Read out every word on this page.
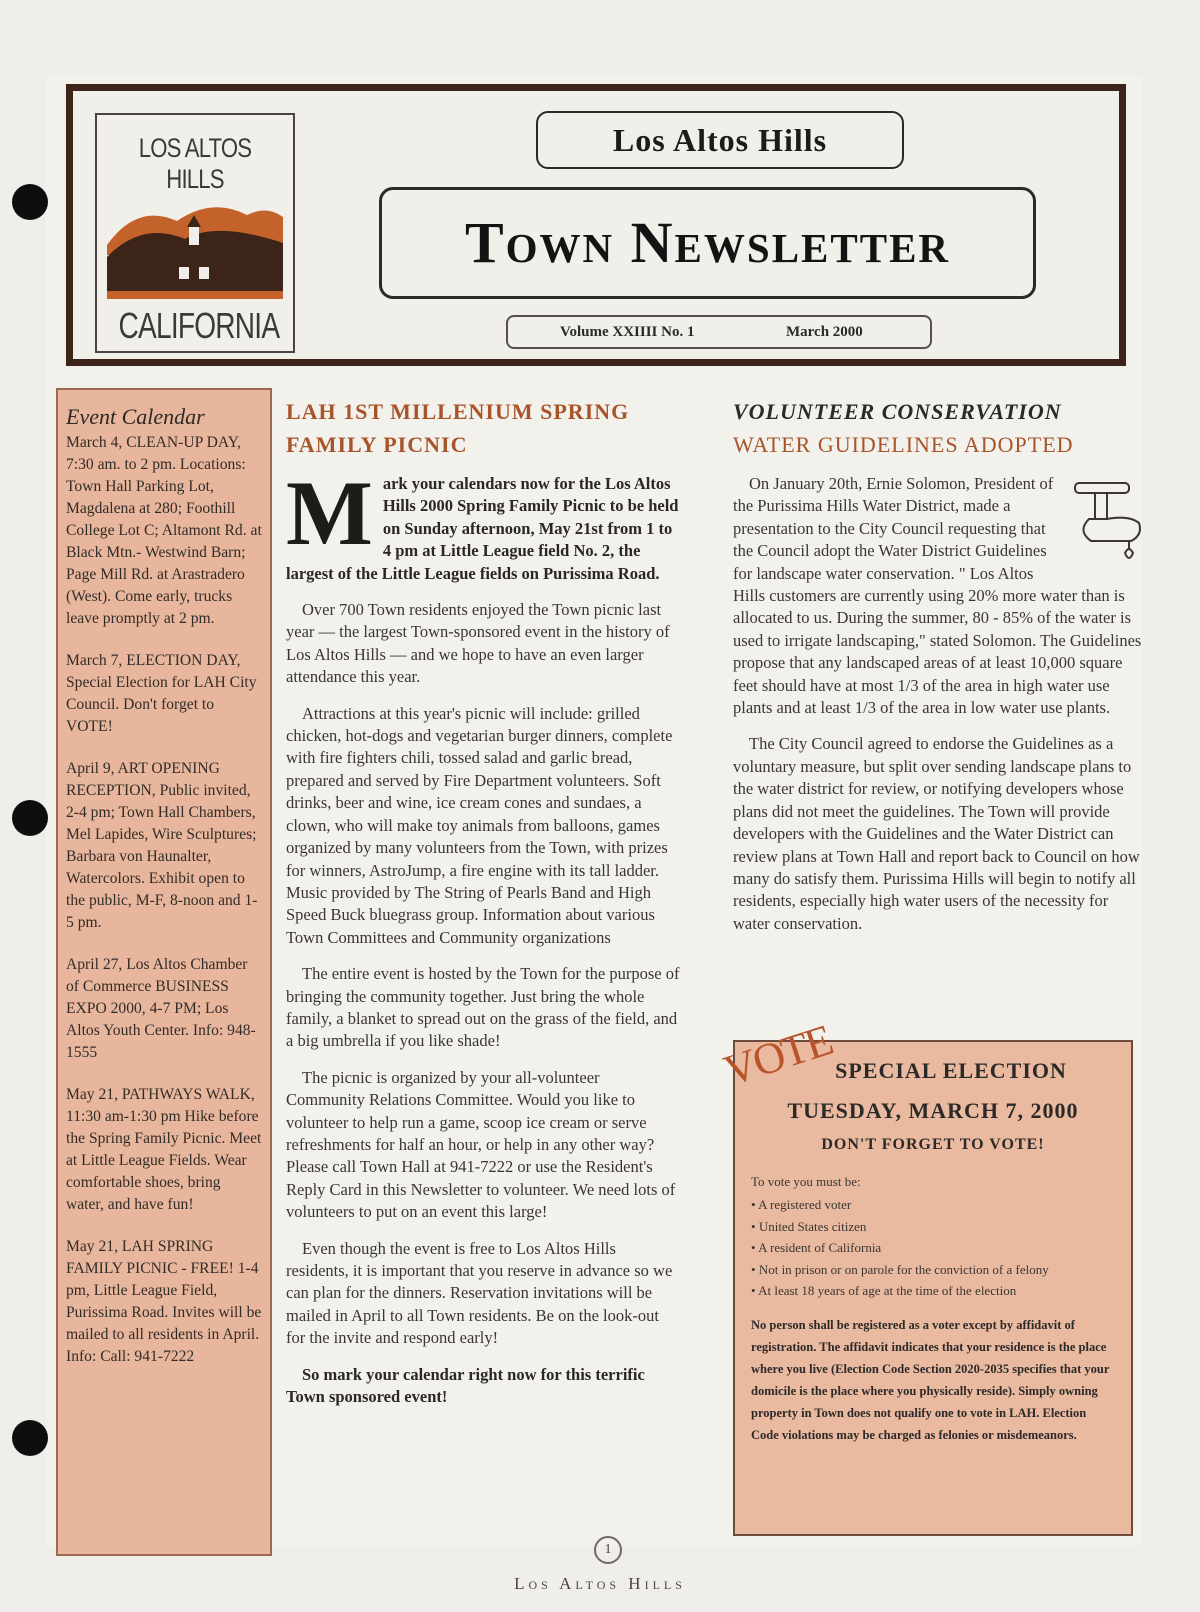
LOS ALTOS HILLS
CALIFORNIA
Los Altos Hills
Town Newsletter
Volume XXIIII No. 1	March 2000
Event Calendar
March 4, CLEAN-UP DAY, 7:30 am. to 2 pm. Locations: Town Hall Parking Lot, Magdalena at 280; Foothill College Lot C; Altamont Rd. at Black Mtn.- Westwind Barn; Page Mill Rd. at Arastradero (West). Come early, trucks leave promptly at 2 pm.
March 7, ELECTION DAY, Special Election for LAH City Council. Don't forget to VOTE!
April 9, ART OPENING RECEPTION, Public invited, 2-4 pm; Town Hall Chambers, Mel Lapides, Wire Sculptures; Barbara von Haunalter, Watercolors. Exhibit open to the public, M-F, 8-noon and 1-5 pm.
April 27, Los Altos Chamber of Commerce BUSINESS EXPO 2000, 4-7 PM; Los Altos Youth Center. Info: 948-1555
May 21, PATHWAYS WALK, 11:30 am-1:30 pm Hike before the Spring Family Picnic. Meet at Little League Fields. Wear comfortable shoes, bring water, and have fun!
May 21, LAH SPRING FAMILY PICNIC - FREE! 1-4 pm, Little League Field, Purissima Road. Invites will be mailed to all residents in April. Info: Call: 941-7222
LAH 1ST MILLENIUM SPRING FAMILY PICNIC

Mark your calendars now for the Los Altos Hills 2000 Spring Family Picnic to be held on Sunday afternoon, May 21st from 1 to 4 pm at Little League field No. 2, the largest of the Little League fields on Purissima Road.

Over 700 Town residents enjoyed the Town picnic last year — the largest Town-sponsored event in the history of Los Altos Hills — and we hope to have an even larger attendance this year.

Attractions at this year's picnic will include: grilled chicken, hot-dogs and vegetarian burger dinners, complete with fire fighters chili, tossed salad and garlic bread, prepared and served by Fire Department volunteers. Soft drinks, beer and wine, ice cream cones and sundaes, a clown, who will make toy animals from balloons, games organized by many volunteers from the Town, with prizes for winners, AstroJump, a fire engine with its tall ladder. Music provided by The String of Pearls Band and High Speed Buck bluegrass group. Information about various Town Committees and Community organizations

The entire event is hosted by the Town for the purpose of bringing the community together. Just bring the whole family, a blanket to spread out on the grass of the field, and a big umbrella if you like shade!

The picnic is organized by your all-volunteer Community Relations Committee. Would you like to volunteer to help run a game, scoop ice cream or serve refreshments for half an hour, or help in any other way? Please call Town Hall at 941-7222 or use the Resident's Reply Card in this Newsletter to volunteer. We need lots of volunteers to put on an event this large!

Even though the event is free to Los Altos Hills residents, it is important that you reserve in advance so we can plan for the dinners. Reservation invitations will be mailed in April to all Town residents. Be on the look-out for the invite and respond early!

So mark your calendar right now for this terrific Town sponsored event!

VOLUNTEER CONSERVATION
WATER GUIDELINES ADOPTED

On January 20th, Ernie Solomon, President of the Purissima Hills Water District, made a presentation to the City Council requesting that the Council adopt the Water District Guidelines for landscape water conservation. " Los Altos Hills customers are currently using 20% more water than is allocated to us. During the summer, 80 - 85% of the water is used to irrigate landscaping," stated Solomon. The Guidelines propose that any landscaped areas of at least 10,000 square feet should have at most 1/3 of the area in high water use plants and at least 1/3 of the area in low water use plants.

The City Council agreed to endorse the Guidelines as a voluntary measure, but split over sending landscape plans to the water district for review, or notifying developers whose plans did not meet the guidelines. The Town will provide developers with the Guidelines and the Water District can review plans at Town Hall and report back to Council on how many do satisfy them. Purissima Hills will begin to notify all residents, especially high water users of the necessity for water conservation.

VOTE
SPECIAL ELECTION
TUESDAY, MARCH 7, 2000
DON'T FORGET TO VOTE!
To vote you must be:
• A registered voter
• United States citizen
• A resident of California
• Not in prison or on parole for the conviction of a felony
• At least 18 years of age at the time of the election
No person shall be registered as a voter except by affidavit of registration. The affidavit indicates that your residence is the place where you live (Election Code Section 2020-2035 specifies that your domicile is the place where you physically reside). Simply owning property in Town does not qualify one to vote in LAH. Election Code violations may be charged as felonies or misdemeanors.
1
Los Altos Hills
